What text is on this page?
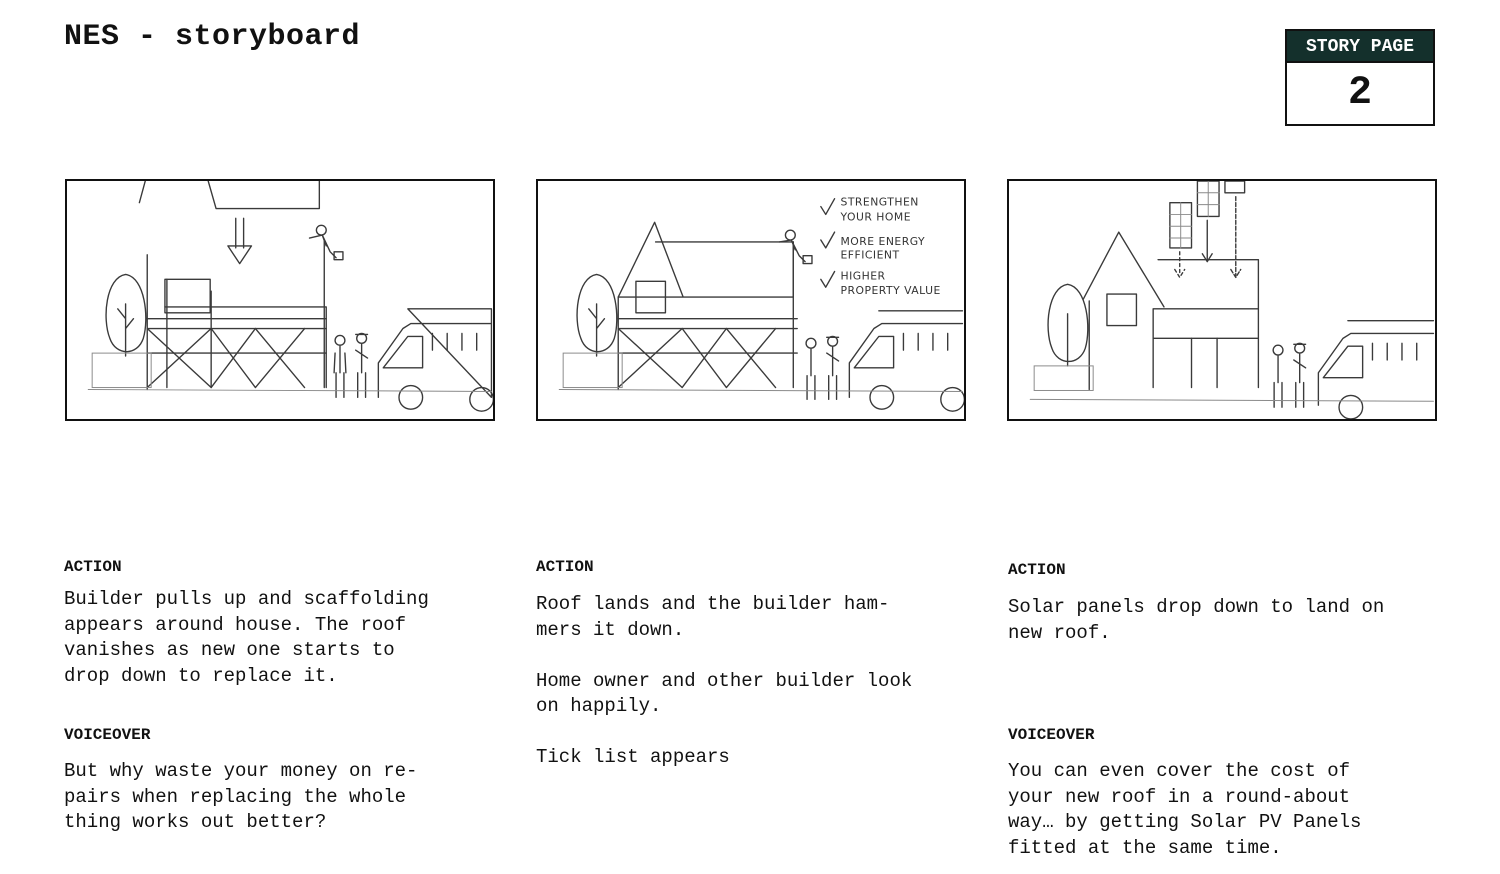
NES - storyboard	STORY PAGE
2
STRENGTHEN
YOUR HOME
MORE ENERGY
EFFICIENT
HIGHER
PROPERTY VALUE
ACTION
Builder pulls up and scaffolding
appears around house. The roof
vanishes as new one starts to
drop down to replace it.
VOICEOVER
But why waste your money on re-
pairs when replacing the whole
thing works out better?
ACTION
Roof lands and the builder ham-
mers it down.

Home owner and other builder look
on happily.

Tick list appears
ACTION
Solar panels drop down to land on
new roof.
VOICEOVER
You can even cover the cost of
your new roof in a round-about
way… by getting Solar PV Panels
fitted at the same time.
